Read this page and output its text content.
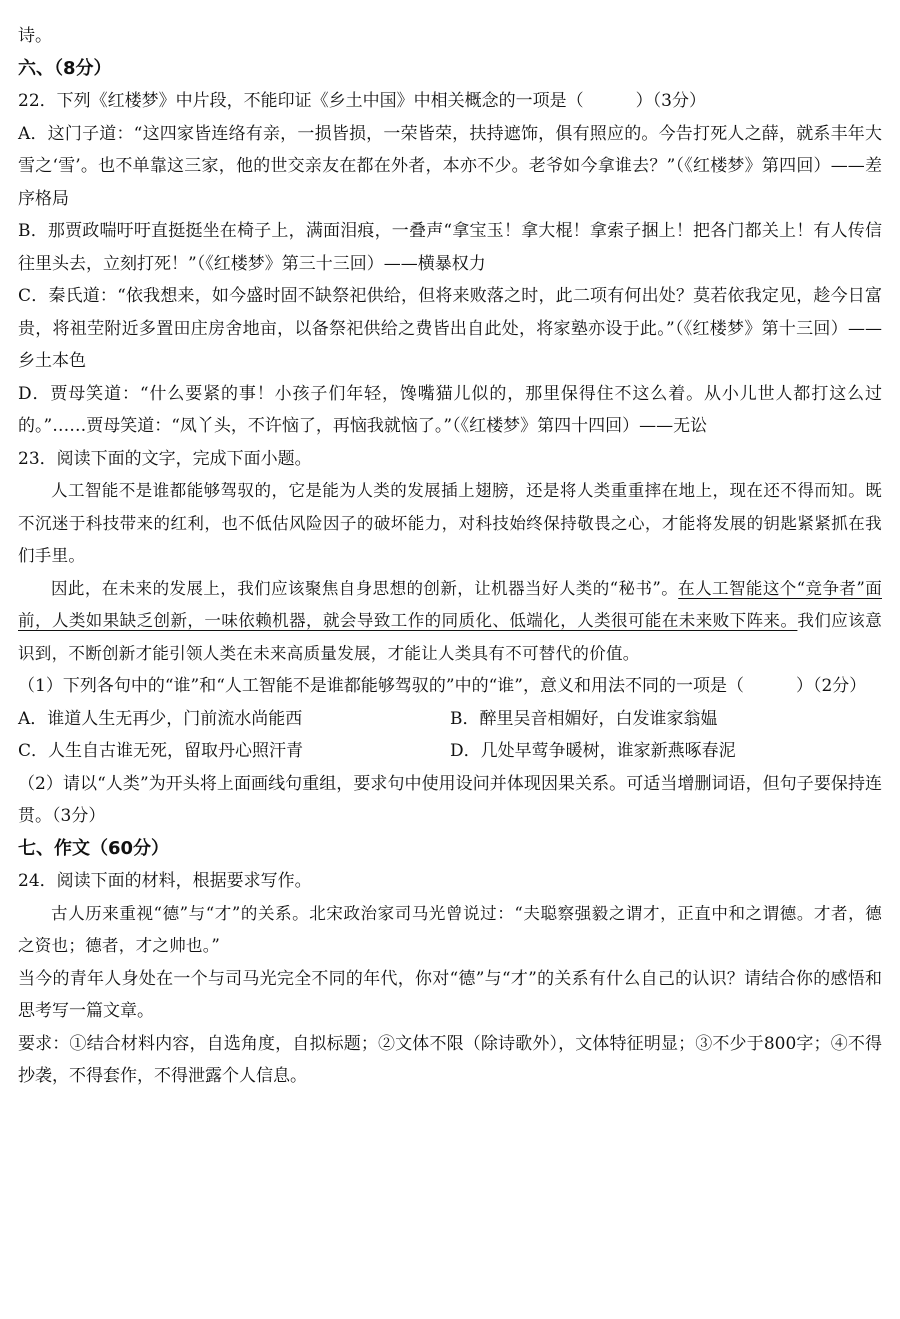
诗。

六、（8分）

22．下列《红楼梦》中片段，不能印证《乡土中国》中相关概念的一项是（	）（3分）

A．这门子道：“这四家皆连络有亲，一损皆损，一荣皆荣，扶持遮饰，俱有照应的。今告打死人之薛，就系丰年大雪之‘雪’。也不单靠这三家，他的世交亲友在都在外者，本亦不少。老爷如今拿谁去？”（《红楼梦》第四回）——差序格局

B．那贾政喘吁吁直挺挺坐在椅子上，满面泪痕，一叠声“拿宝玉！拿大棍！拿索子捆上！把各门都关上！有人传信往里头去，立刻打死！”（《红楼梦》第三十三回）——横暴权力

C．秦氏道：“依我想来，如今盛时固不缺祭祀供给，但将来败落之时，此二项有何出处？莫若依我定见，趁今日富贵，将祖茔附近多置田庄房舍地亩，以备祭祀供给之费皆出自此处，将家塾亦设于此。”（《红楼梦》第十三回）——乡土本色

D．贾母笑道：“什么要紧的事！小孩子们年轻，馋嘴猫儿似的，那里保得住不这么着。从小儿世人都打这么过的。”……贾母笑道：“凤丫头，不许恼了，再恼我就恼了。”（《红楼梦》第四十四回）——无讼

23．阅读下面的文字，完成下面小题。

人工智能不是谁都能够驾驭的，它是能为人类的发展插上翅膀，还是将人类重重摔在地上，现在还不得而知。既不沉迷于科技带来的红利，也不低估风险因子的破坏能力，对科技始终保持敬畏之心，才能将发展的钥匙紧紧抓在我们手里。

因此，在未来的发展上，我们应该聚焦自身思想的创新，让机器当好人类的“秘书”。在人工智能这个“竞争者”面前，人类如果缺乏创新，一味依赖机器，就会导致工作的同质化、低端化，人类很可能在未来败下阵来。我们应该意识到，不断创新才能引领人类在未来高质量发展，才能让人类具有不可替代的价值。

（1）下列各句中的“谁”和“人工智能不是谁都能够驾驭的”中的“谁”，意义和用法不同的一项是（	）（2分）

A．谁道人生无再少，门前流水尚能西	B．醉里吴音相媚好，白发谁家翁媪
C．人生自古谁无死，留取丹心照汗青	D．几处早莺争暖树，谁家新燕啄春泥

（2）请以“人类”为开头将上面画线句重组，要求句中使用设问并体现因果关系。可适当增删词语，但句子要保持连贯。（3分）

七、作文（60分）

24．阅读下面的材料，根据要求写作。

古人历来重视“德”与“才”的关系。北宋政治家司马光曾说过：“夫聪察强毅之谓才，正直中和之谓德。才者，德之资也；德者，才之帅也。”

当今的青年人身处在一个与司马光完全不同的年代，你对“德”与“才”的关系有什么自己的认识？请结合你的感悟和思考写一篇文章。

要求：①结合材料内容，自选角度，自拟标题；②文体不限（除诗歌外），文体特征明显；③不少于800字；④不得抄袭，不得套作，不得泄露个人信息。
